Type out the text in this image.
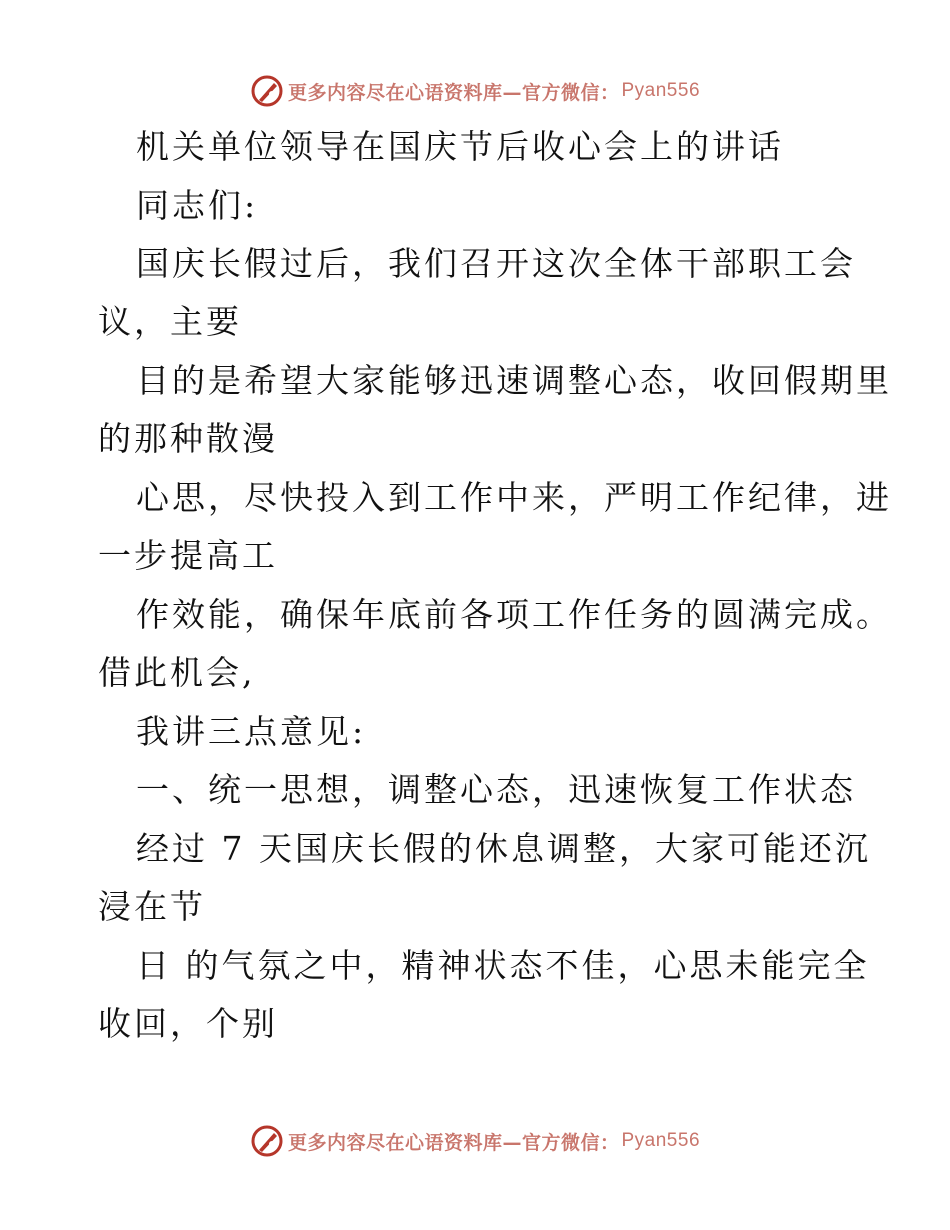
更多内容尽在心语资料库—官方微信： Pyan556
机关单位领导在国庆节后收心会上的讲话
同志们:
国庆长假过后，我们召开这次全体干部职工会
议，主要
目的是希望大家能够迅速调整心态，收回假期里
的那种散漫
心思，尽快投入到工作中来，严明工作纪律，进
一步提高工
作效能，确保年底前各项工作任务的圆满完成。
借此机会,
我讲三点意见:
一、统一思想，调整心态，迅速恢复工作状态
经过 7 天国庆长假的休息调整，大家可能还沉
浸在节
日 的气氛之中，精神状态不佳，心思未能完全
收回，个别
更多内容尽在心语资料库—官方微信： Pyan556
